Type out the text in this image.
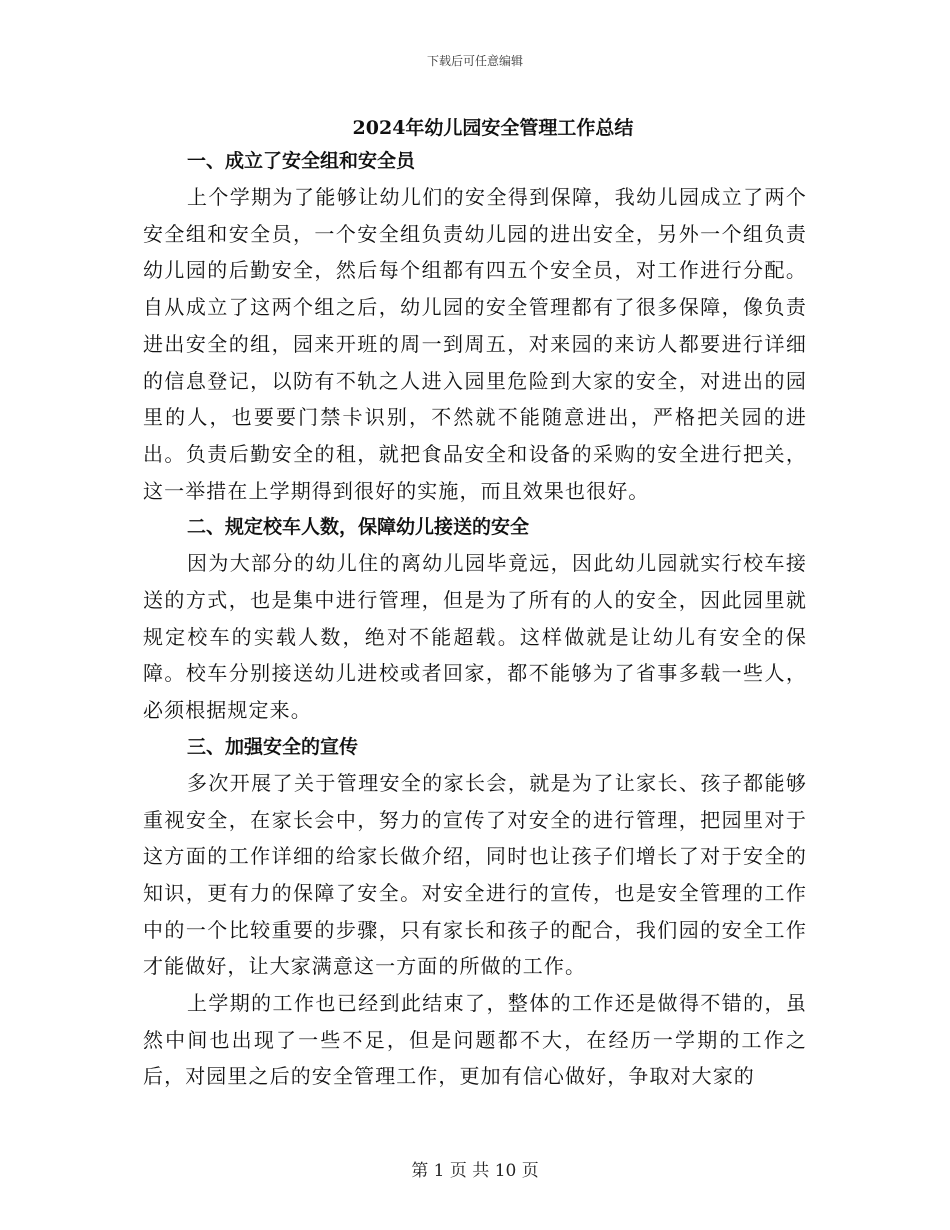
下载后可任意编辑
2024年幼儿园安全管理工作总结
一、成立了安全组和安全员

上个学期为了能够让幼儿们的安全得到保障，我幼儿园成立了两个安全组和安全员，一个安全组负责幼儿园的进出安全，另外一个组负责幼儿园的后勤安全，然后每个组都有四五个安全员，对工作进行分配。自从成立了这两个组之后，幼儿园的安全管理都有了很多保障，像负责进出安全的组，园来开班的周一到周五，对来园的来访人都要进行详细的信息登记，以防有不轨之人进入园里危险到大家的安全，对进出的园里的人，也要要门禁卡识别，不然就不能随意进出，严格把关园的进出。负责后勤安全的租，就把食品安全和设备的采购的安全进行把关，这一举措在上学期得到很好的实施，而且效果也很好。

二、规定校车人数，保障幼儿接送的安全

因为大部分的幼儿住的离幼儿园毕竟远，因此幼儿园就实行校车接送的方式，也是集中进行管理，但是为了所有的人的安全，因此园里就规定校车的实载人数，绝对不能超载。这样做就是让幼儿有安全的保障。校车分别接送幼儿进校或者回家，都不能够为了省事多载一些人，必须根据规定来。

三、加强安全的宣传

多次开展了关于管理安全的家长会，就是为了让家长、孩子都能够重视安全，在家长会中，努力的宣传了对安全的进行管理，把园里对于这方面的工作详细的给家长做介绍，同时也让孩子们增长了对于安全的知识，更有力的保障了安全。对安全进行的宣传，也是安全管理的工作中的一个比较重要的步骤，只有家长和孩子的配合，我们园的安全工作才能做好，让大家满意这一方面的所做的工作。

上学期的工作也已经到此结束了，整体的工作还是做得不错的，虽然中间也出现了一些不足，但是问题都不大，在经历一学期的工作之后，对园里之后的安全管理工作，更加有信心做好，争取对大家的

第 1 页 共 10 页
